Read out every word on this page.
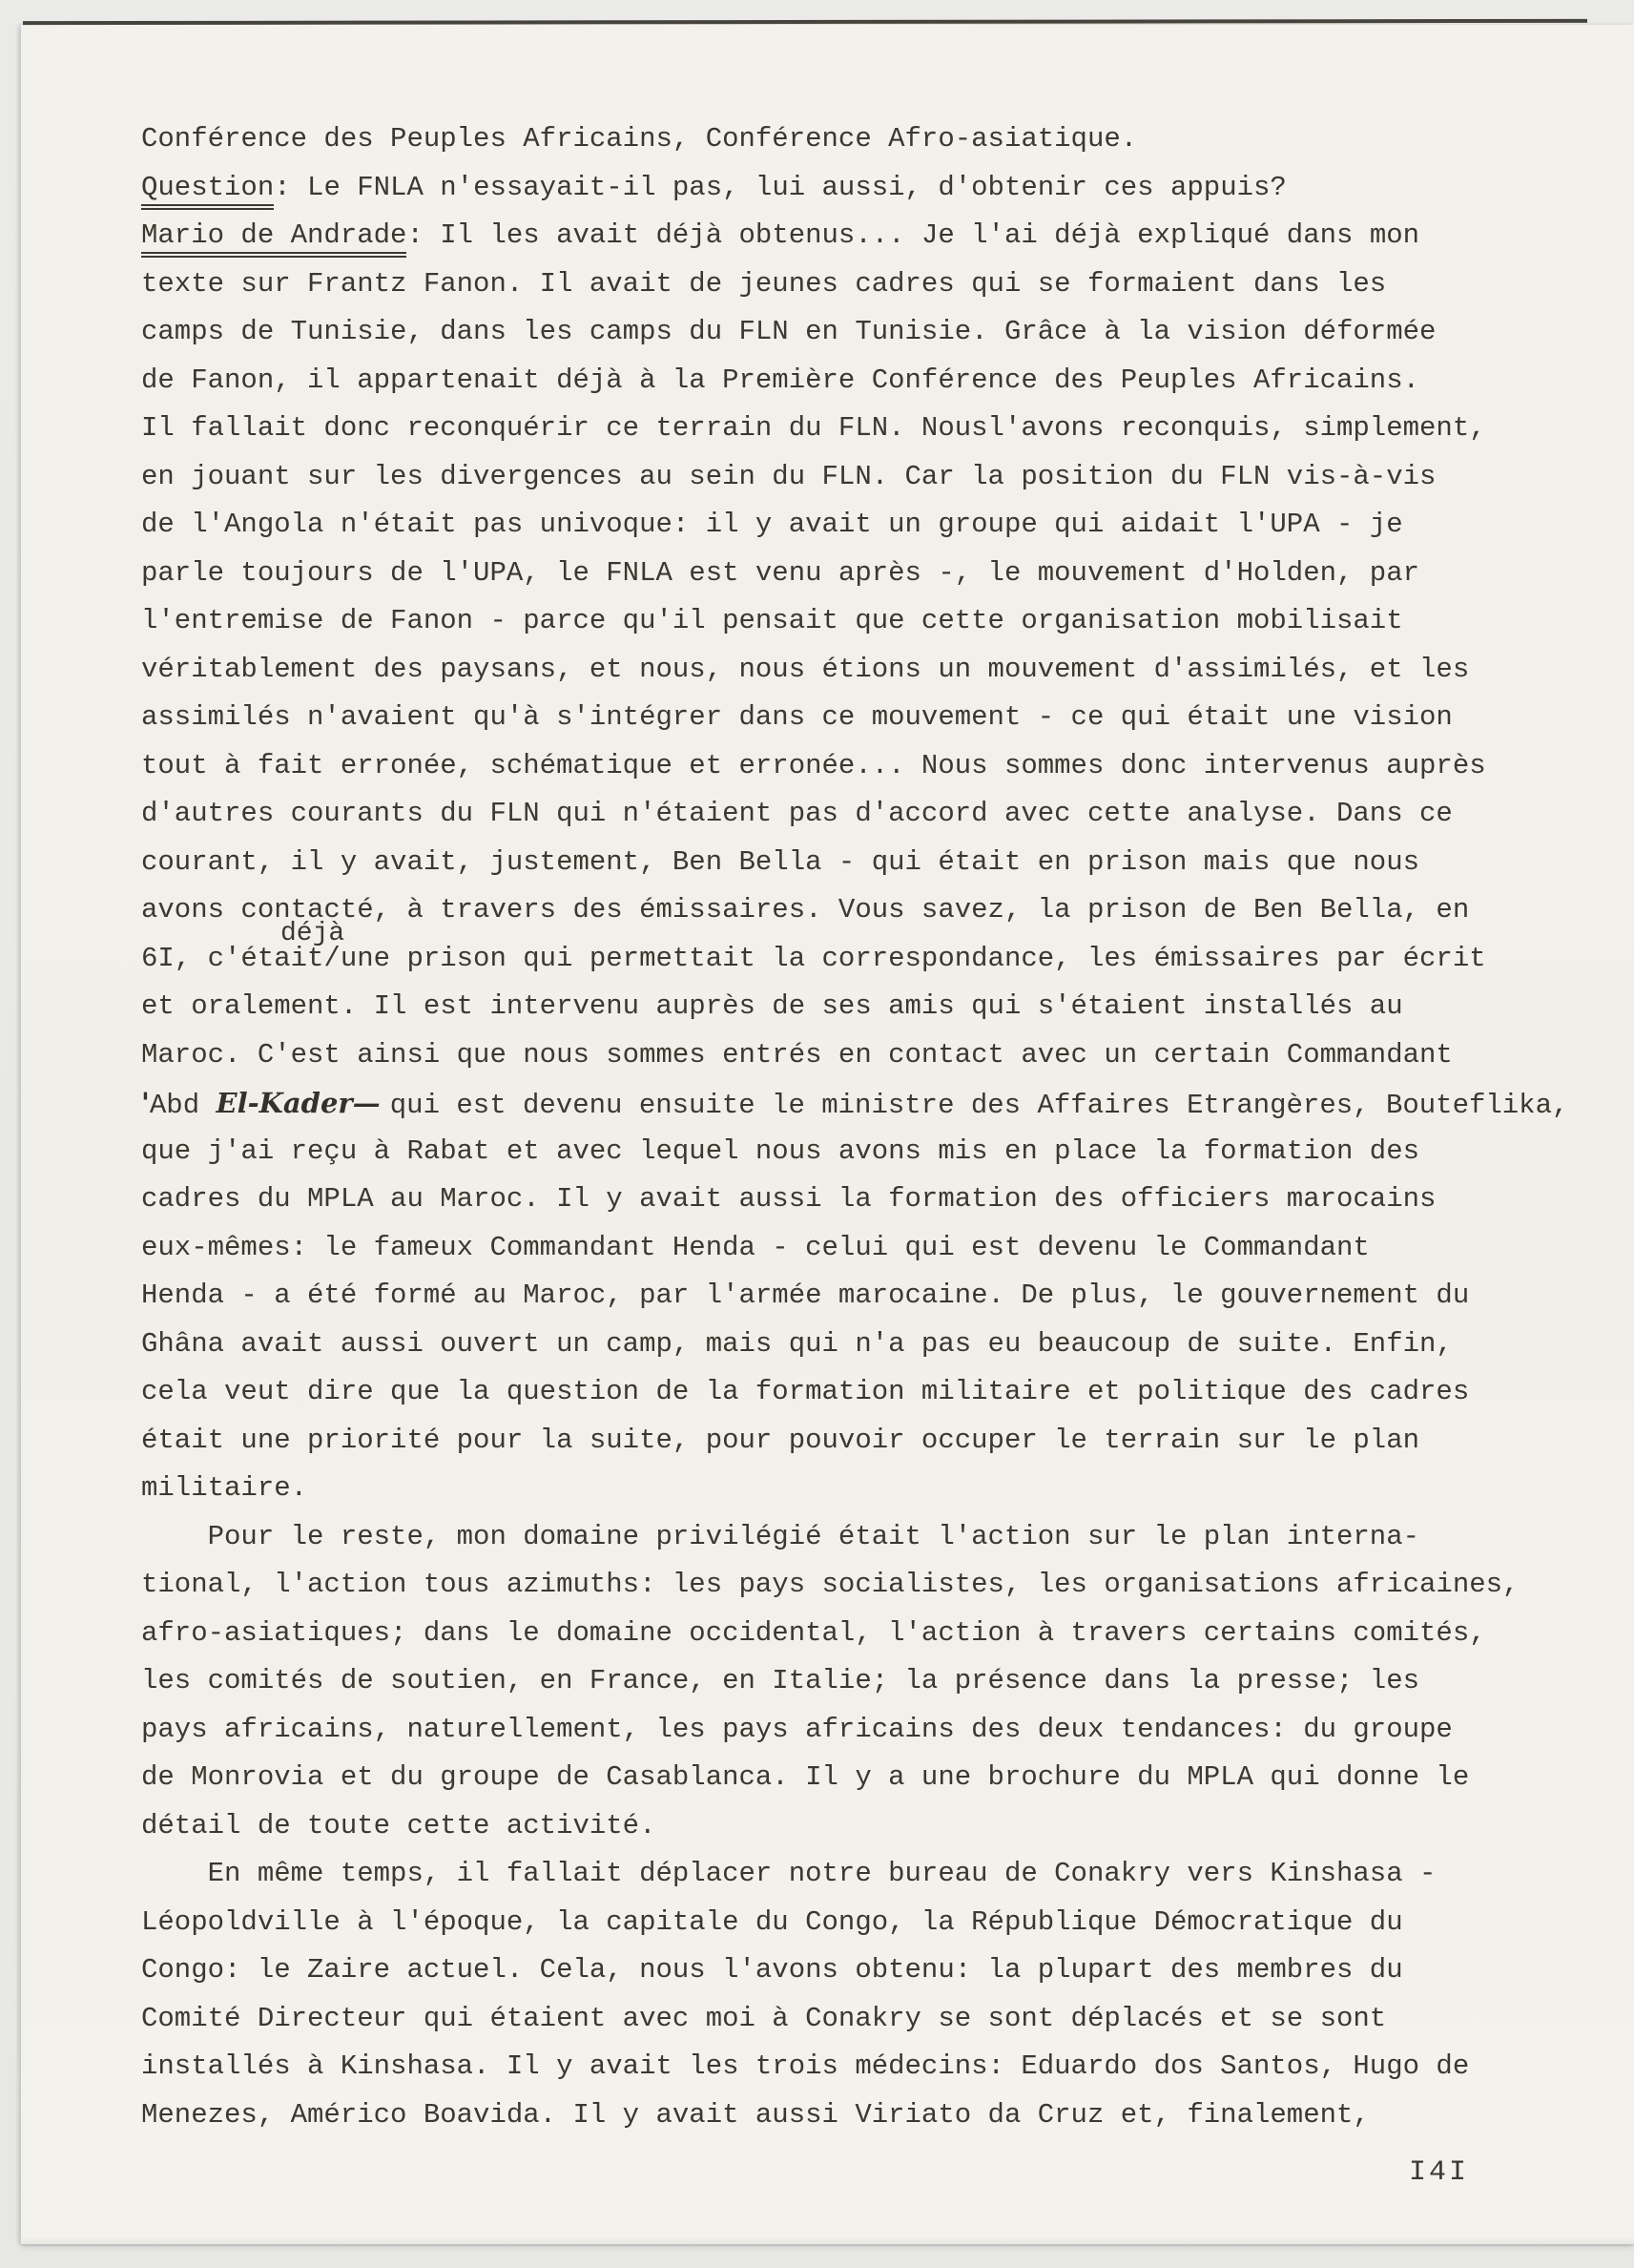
Conférence des Peuples Africains, Conférence Afro-asiatique.
Question: Le FNLA n'essayait-il pas, lui aussi, d'obtenir ces appuis?
Mario de Andrade: Il les avait déjà obtenus... Je l'ai déjà expliqué dans mon
texte sur Frantz Fanon. Il avait de jeunes cadres qui se formaient dans les
camps de Tunisie, dans les camps du FLN en Tunisie. Grâce à la vision déformée
de Fanon, il appartenait déjà à la Première Conférence des Peuples Africains.
Il fallait donc reconquérir ce terrain du FLN. Nousl'avons reconquis, simplement,
en jouant sur les divergences au sein du FLN. Car la position du FLN vis-à-vis
de l'Angola n'était pas univoque: il y avait un groupe qui aidait l'UPA - je
parle toujours de l'UPA, le FNLA est venu après -, le mouvement d'Holden, par
l'entremise de Fanon - parce qu'il pensait que cette organisation mobilisait
véritablement des paysans, et nous, nous étions un mouvement d'assimilés, et les
assimilés n'avaient qu'à s'intégrer dans ce mouvement - ce qui était une vision
tout à fait erronée, schématique et erronée... Nous sommes donc intervenus auprès
d'autres courants du FLN qui n'étaient pas d'accord avec cette analyse. Dans ce
courant, il y avait, justement, Ben Bella - qui était en prison mais que nous
avons contacté, à travers des émissaires. Vous savez, la prison de Ben Bella, en
6I, c'était/une prison qui permettait la correspondance, les émissaires par écrit
et oralement. Il est intervenu auprès de ses amis qui s'étaient installés au
Maroc. C'est ainsi que nous sommes entrés en contact avec un certain Commandant
'Abd El-Kader— qui est devenu ensuite le ministre des Affaires Etrangères, Bouteflika,
que j'ai reçu à Rabat et avec lequel nous avons mis en place la formation des
cadres du MPLA au Maroc. Il y avait aussi la formation des officiers marocains
eux-mêmes: le fameux Commandant Henda - celui qui est devenu le Commandant
Henda - a été formé au Maroc, par l'armée marocaine. De plus, le gouvernement du
Ghâna avait aussi ouvert un camp, mais qui n'a pas eu beaucoup de suite. Enfin,
cela veut dire que la question de la formation militaire et politique des cadres
était une priorité pour la suite, pour pouvoir occuper le terrain sur le plan
militaire.
Pour le reste, mon domaine privilégié était l'action sur le plan interna-
tional, l'action tous azimuths: les pays socialistes, les organisations africaines,
afro-asiatiques; dans le domaine occidental, l'action à travers certains comités,
les comités de soutien, en France, en Italie; la présence dans la presse; les
pays africains, naturellement, les pays africains des deux tendances: du groupe
de Monrovia et du groupe de Casablanca. Il y a une brochure du MPLA qui donne le
détail de toute cette activité.
En même temps, il fallait déplacer notre bureau de Conakry vers Kinshasa -
Léopoldville à l'époque, la capitale du Congo, la République Démocratique du
Congo: le Zaire actuel. Cela, nous l'avons obtenu: la plupart des membres du
Comité Directeur qui étaient avec moi à Conakry se sont déplacés et se sont
installés à Kinshasa. Il y avait les trois médecins: Eduardo dos Santos, Hugo de
Menezes, Américo Boavida. Il y avait aussi Viriato da Cruz et, finalement,
déjà
I4I
